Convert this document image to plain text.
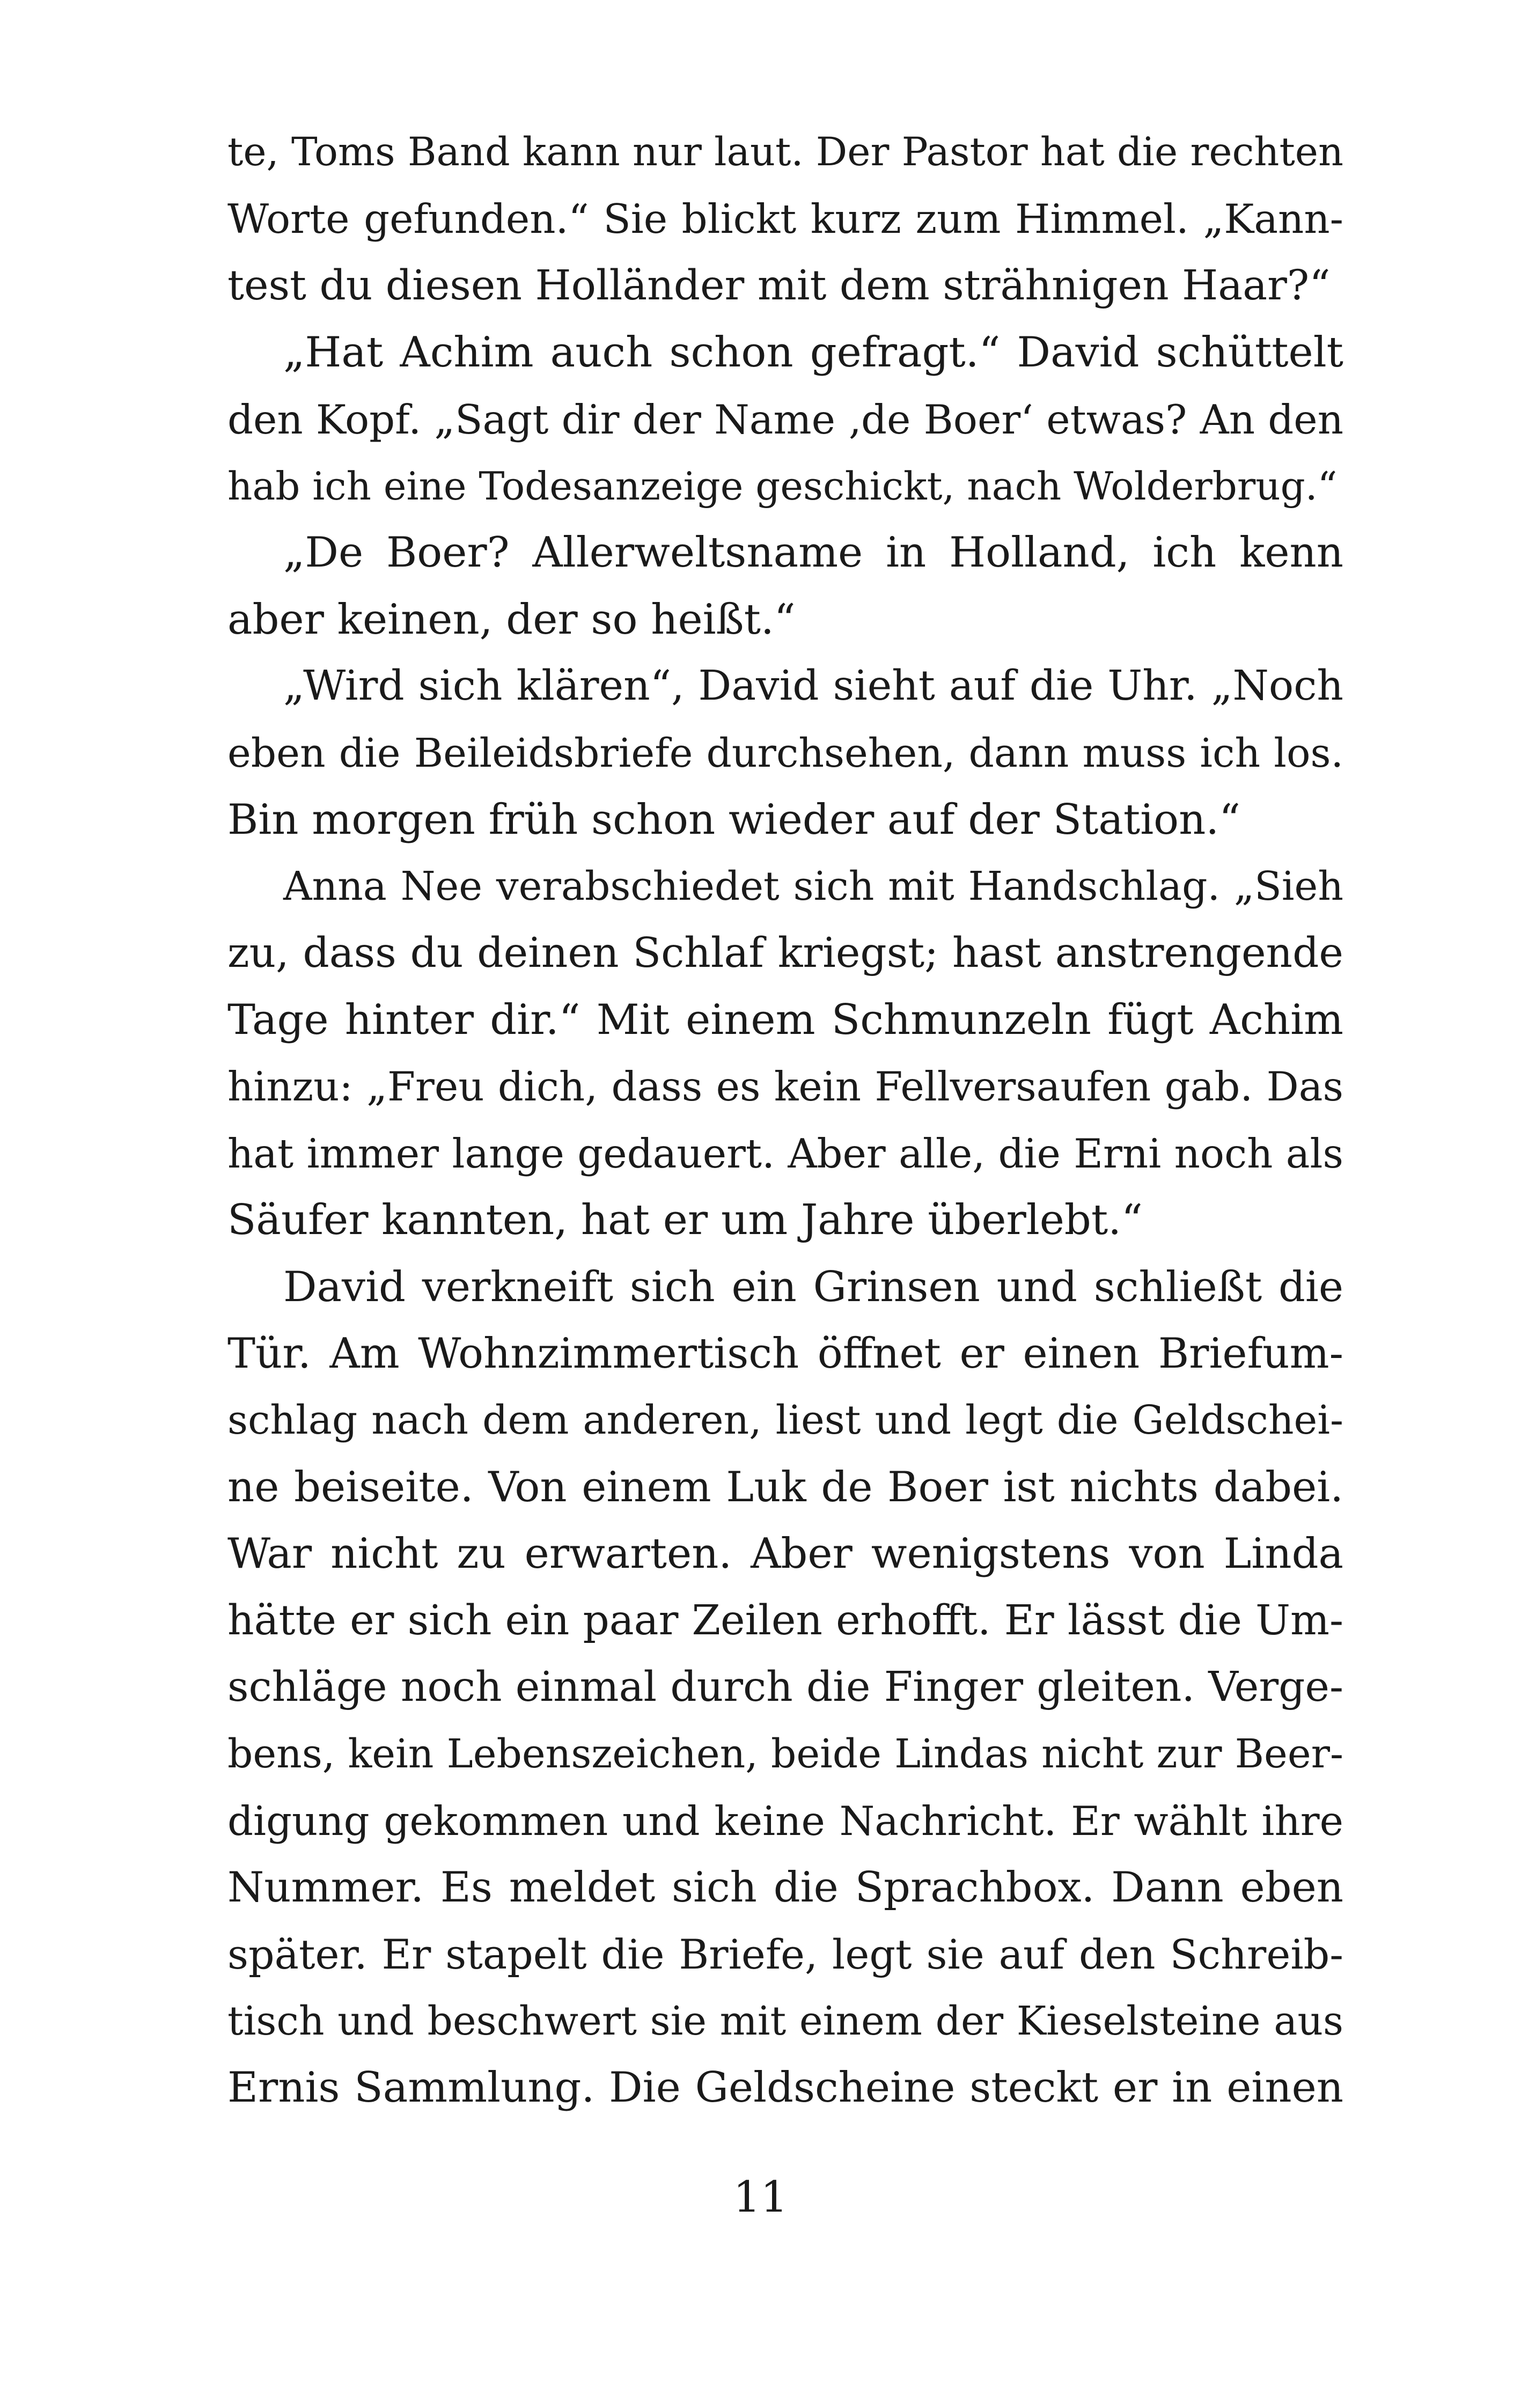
te, Toms Band kann nur laut. Der Pastor hat die rechten
Worte gefunden.“ Sie blickt kurz zum Himmel. „Kann-
test du diesen Holländer mit dem strähnigen Haar?“
„Hat Achim auch schon gefragt.“ David schüttelt
den Kopf. „Sagt dir der Name ‚de Boer‘ etwas? An den
hab ich eine Todesanzeige geschickt, nach Wolderbrug.“
„De Boer? Allerweltsname in Holland, ich kenn
aber keinen, der so heißt.“
„Wird sich klären“, David sieht auf die Uhr. „Noch
eben die Beileidsbriefe durchsehen, dann muss ich los.
Bin morgen früh schon wieder auf der Station.“
Anna Nee verabschiedet sich mit Handschlag. „Sieh
zu, dass du deinen Schlaf kriegst; hast anstrengende
Tage hinter dir.“ Mit einem Schmunzeln fügt Achim
hinzu: „Freu dich, dass es kein Fellversaufen gab. Das
hat immer lange gedauert. Aber alle, die Erni noch als
Säufer kannten, hat er um Jahre überlebt.“
David verkneift sich ein Grinsen und schließt die
Tür. Am Wohnzimmertisch öffnet er einen Briefum-
schlag nach dem anderen, liest und legt die Geldschei-
ne beiseite. Von einem Luk de Boer ist nichts dabei.
War nicht zu erwarten. Aber wenigstens von Linda
hätte er sich ein paar Zeilen erhofft. Er lässt die Um-
schläge noch einmal durch die Finger gleiten. Verge-
bens, kein Lebenszeichen, beide Lindas nicht zur Beer-
digung gekommen und keine Nachricht. Er wählt ihre
Nummer. Es meldet sich die Sprachbox. Dann eben
später. Er stapelt die Briefe, legt sie auf den Schreib-
tisch und beschwert sie mit einem der Kieselsteine aus
Ernis Sammlung. Die Geldscheine steckt er in einen
11
